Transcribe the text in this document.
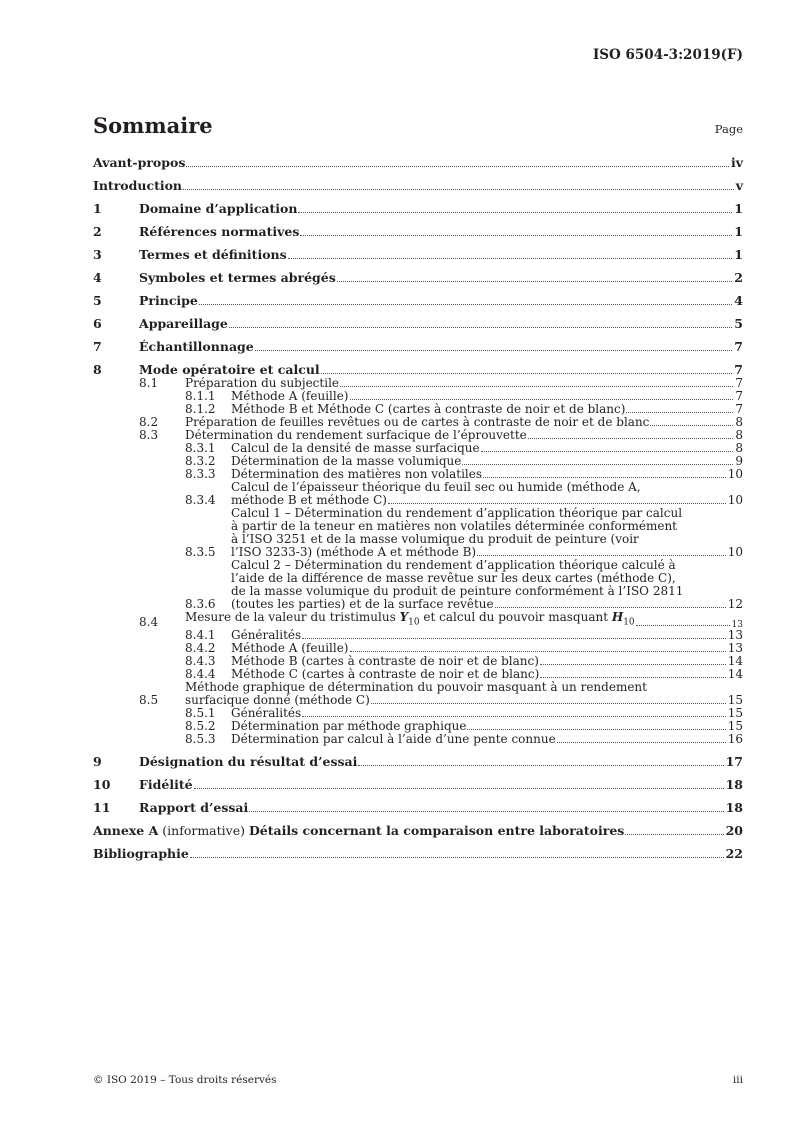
ISO 6504-3:2019(F)
Sommaire	Page
Avant-propos	iv
Introduction	v
1	Domaine d’application	1
2	Références normatives	1
3	Termes et définitions	1
4	Symboles et termes abrégés	2
5	Principe	4
6	Appareillage	5
7	Échantillonnage	7
8	Mode opératoire et calcul	7
8.1	Préparation du subjectile	7
8.1.1	Méthode A (feuille)	7
8.1.2	Méthode B et Méthode C (cartes à contraste de noir et de blanc)	7
8.2	Préparation de feuilles revêtues ou de cartes à contraste de noir et de blanc	8
8.3	Détermination du rendement surfacique de l’éprouvette	8
8.3.1	Calcul de la densité de masse surfacique	8
8.3.2	Détermination de la masse volumique	9
8.3.3	Détermination des matières non volatiles	10
8.3.4
Calcul de l’épaisseur théorique du feuil sec ou humide (méthode A,
méthode B et méthode C)	10
8.3.5
Calcul 1 – Détermination du rendement d’application théorique par calcul
à partir de la teneur en matières non volatiles déterminée conformément
à l’ISO 3251 et de la masse volumique du produit de peinture (voir
l’ISO 3233-3) (méthode A et méthode B)	10
8.3.6
Calcul 2 – Détermination du rendement d’application théorique calculé à
l’aide de la différence de masse revêtue sur les deux cartes (méthode C),
de la masse volumique du produit de peinture conformément à l’ISO 2811
(toutes les parties) et de la surface revêtue	12
8.4	Mesure de la valeur du tristimulus $Y_{10}$ et calcul du pouvoir masquant $H_{10}$	13
8.4.1	Généralités	13
8.4.2	Méthode A (feuille)	13
8.4.3	Méthode B (cartes à contraste de noir et de blanc)	14
8.4.4	Méthode C (cartes à contraste de noir et de blanc)	14
8.5
Méthode graphique de détermination du pouvoir masquant à un rendement
surfacique donné (méthode C)	15
8.5.1	Généralités	15
8.5.2	Détermination par méthode graphique	15
8.5.3	Détermination par calcul à l’aide d’une pente connue	16
9	Désignation du résultat d’essai	17
10	Fidélité	18
11	Rapport d’essai	18
Annexe A (informative) Détails concernant la comparaison entre laboratoires	20
Bibliographie	22
© ISO 2019 – Tous droits réservés	iii
